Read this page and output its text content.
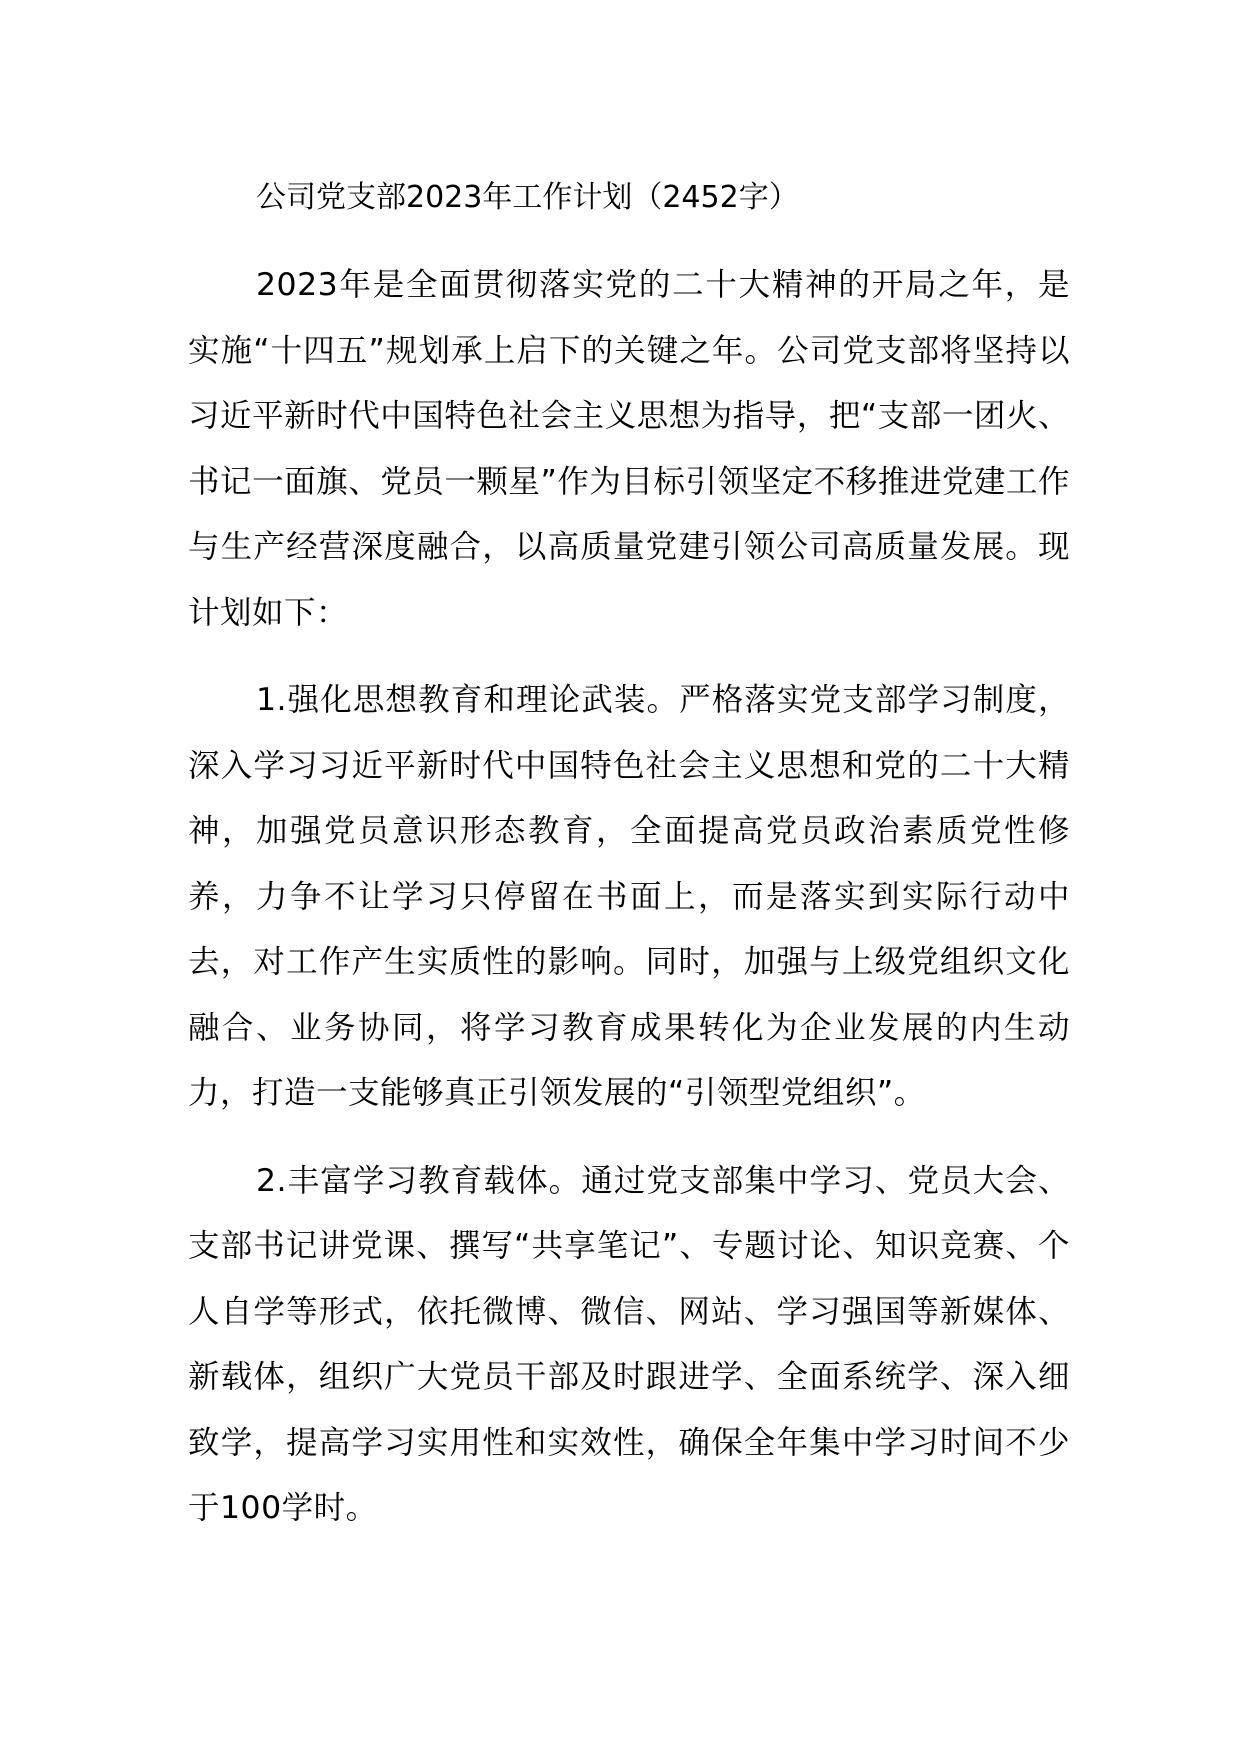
公司党支部2023年工作计划（2452字）

2023年是全面贯彻落实党的二十大精神的开局之年，是实施“十四五”规划承上启下的关键之年。公司党支部将坚持以习近平新时代中国特色社会主义思想为指导，把“支部一团火、书记一面旗、党员一颗星”作为目标引领坚定不移推进党建工作与生产经营深度融合，以高质量党建引领公司高质量发展。现计划如下：

1.强化思想教育和理论武装。严格落实党支部学习制度，深入学习习近平新时代中国特色社会主义思想和党的二十大精神，加强党员意识形态教育，全面提高党员政治素质党性修养，力争不让学习只停留在书面上，而是落实到实际行动中去，对工作产生实质性的影响。同时，加强与上级党组织文化融合、业务协同，将学习教育成果转化为企业发展的内生动力，打造一支能够真正引领发展的“引领型党组织”。

2.丰富学习教育载体。通过党支部集中学习、党员大会、支部书记讲党课、撰写“共享笔记”、专题讨论、知识竞赛、个人自学等形式，依托微博、微信、网站、学习强国等新媒体、新载体，组织广大党员干部及时跟进学、全面系统学、深入细致学，提高学习实用性和实效性，确保全年集中学习时间不少于100学时。
